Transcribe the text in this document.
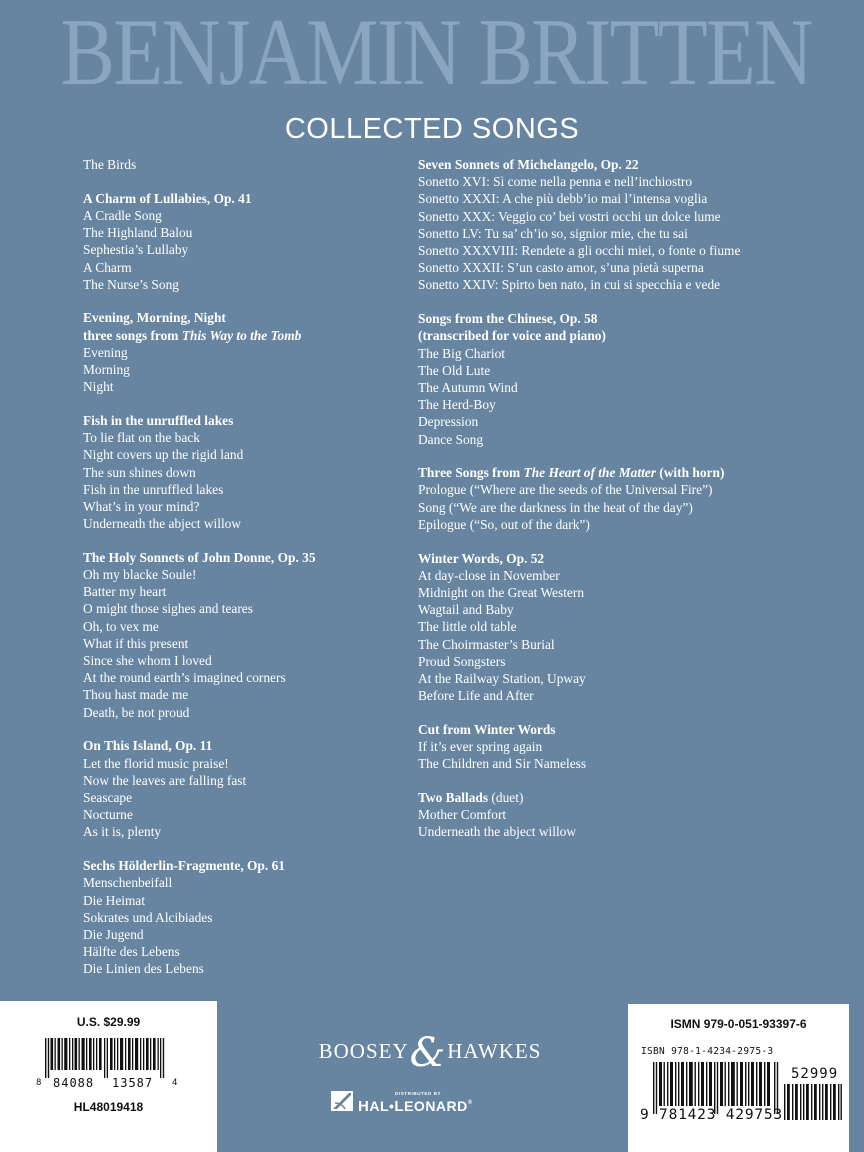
BENJAMIN BRITTEN
COLLECTED SONGS
The Birds
A Charm of Lullabies, Op. 41
A Cradle Song
The Highland Balou
Sephestia’s Lullaby
A Charm
The Nurse’s Song
Evening, Morning, Night
three songs from This Way to the Tomb
Evening
Morning
Night
Fish in the unruffled lakes
To lie flat on the back
Night covers up the rigid land
The sun shines down
Fish in the unruffled lakes
What’s in your mind?
Underneath the abject willow
The Holy Sonnets of John Donne, Op. 35
Oh my blacke Soule!
Batter my heart
O might those sighes and teares
Oh, to vex me
What if this present
Since she whom I loved
At the round earth’s imagined corners
Thou hast made me
Death, be not proud
On This Island, Op. 11
Let the florid music praise!
Now the leaves are falling fast
Seascape
Nocturne
As it is, plenty
Sechs Hölderlin-Fragmente, Op. 61
Menschenbeifall
Die Heimat
Sokrates und Alcibiades
Die Jugend
Hälfte des Lebens
Die Linien des Lebens
Seven Sonnets of Michelangelo, Op. 22
Sonetto XVI: Sì come nella penna e nell’inchiostro
Sonetto XXXI: A che più debb’io mai l’intensa voglia
Sonetto XXX: Veggio co’ bei vostri occhi un dolce lume
Sonetto LV: Tu sa’ ch’io so, signior mie, che tu sai
Sonetto XXXVIII: Rendete a gli occhi miei, o fonte o fiume
Sonetto XXXII: S’un casto amor, s’una pietà superna
Sonetto XXIV: Spirto ben nato, in cui si specchia e vede
Songs from the Chinese, Op. 58
(transcribed for voice and piano)
The Big Chariot
The Old Lute
The Autumn Wind
The Herd-Boy
Depression
Dance Song
Three Songs from The Heart of the Matter (with horn)
Prologue (“Where are the seeds of the Universal Fire”)
Song (“We are the darkness in the heat of the day”)
Epilogue (“So, out of the dark”)
Winter Words, Op. 52
At day-close in November
Midnight on the Great Western
Wagtail and Baby
The little old table
The Choirmaster’s Burial
Proud Songsters
At the Railway Station, Upway
Before Life and After
Cut from Winter Words
If it’s ever spring again
The Children and Sir Nameless
Two Ballads (duet)
Mother Comfort
Underneath the abject willow
U.S. $29.99
8 84088 13587 4
HL48019418
BOOSEY&HAWKES
DISTRIBUTED BY
HAL•LEONARD®
ISMN 979-0-051-93397-6
ISBN 978-1-4234-2975-3
9 781423 429753
52999
